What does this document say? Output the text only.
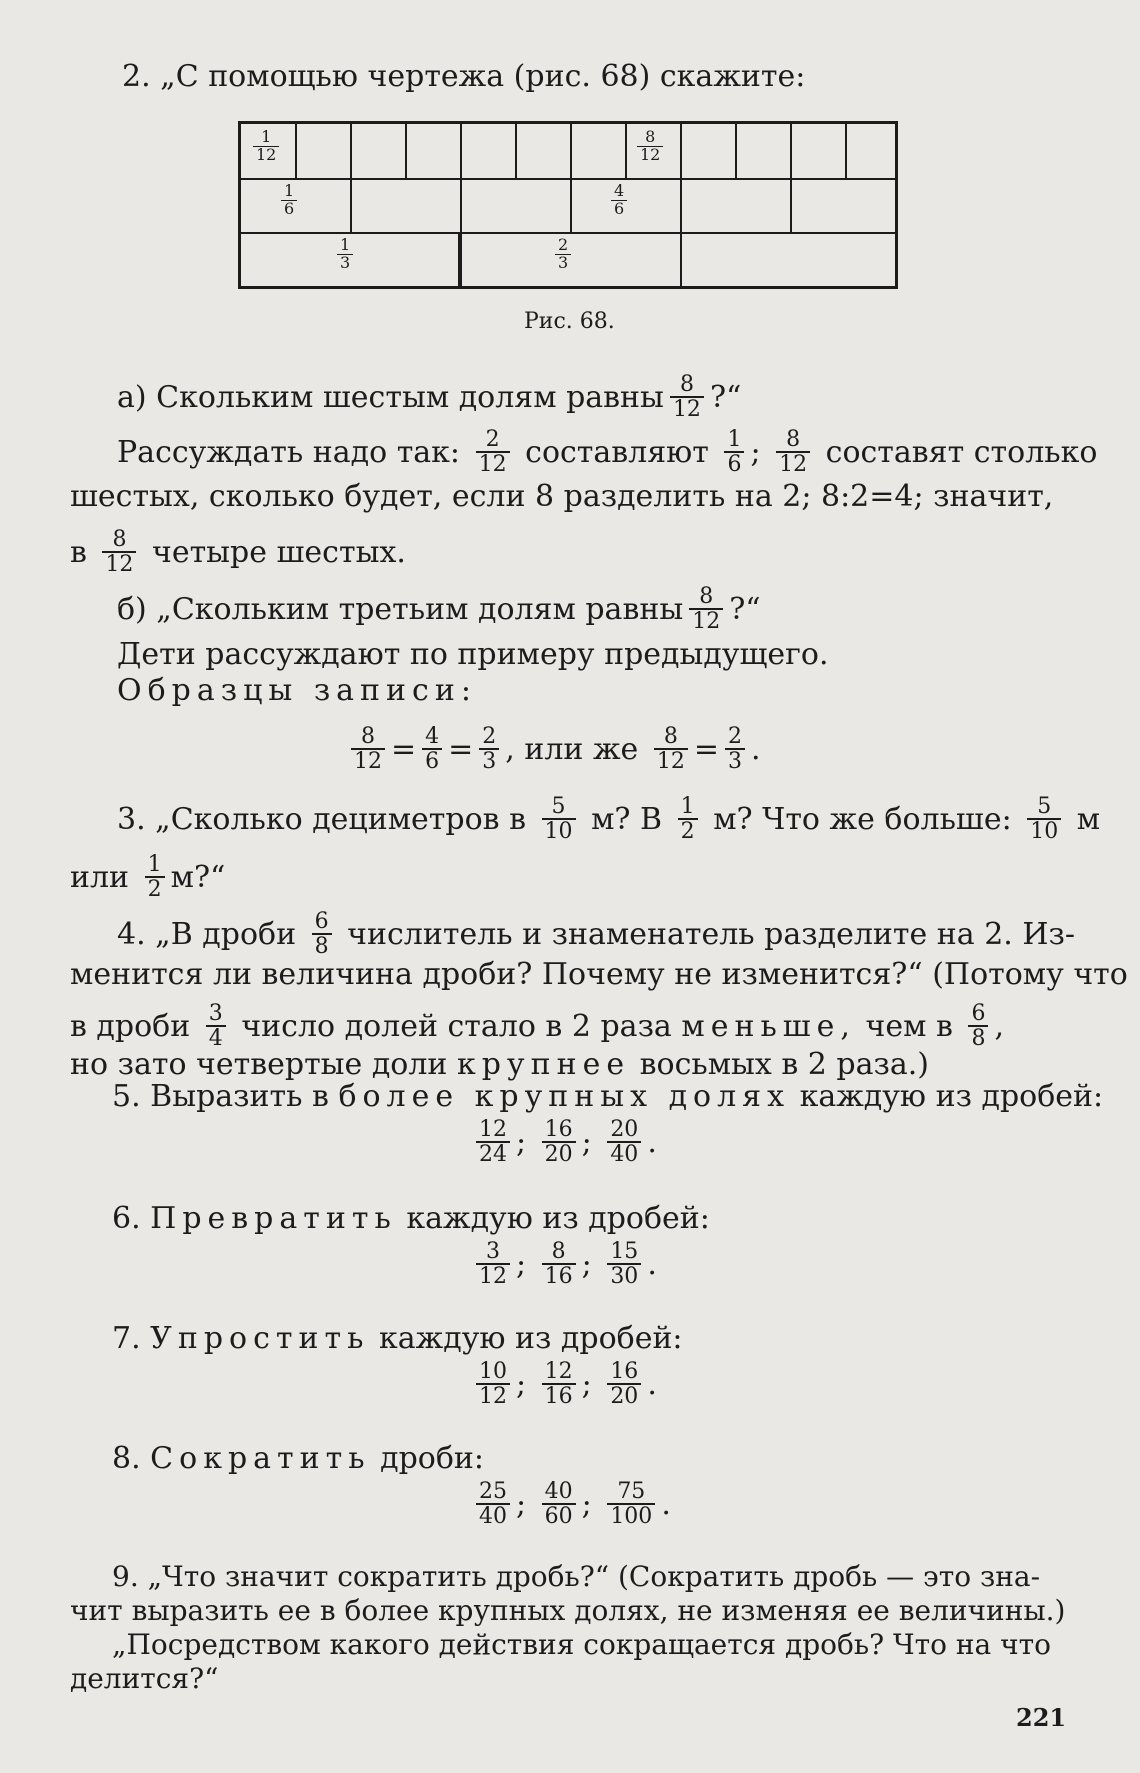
2. „С помощью чертежа (рис. 68) скажите:
$\frac{1}{12}$	$\frac{8}{12}$
$\frac{1}{6}$	$\frac{4}{6}$
$\frac{1}{3}$	$\frac{2}{3}$
Рис. 68.
а) Скольким шестым долям равны $\frac{8}{12}$ ?“
Рассуждать надо так: $\frac{2}{12}$ составляют $\frac{1}{6}$ ; $\frac{8}{12}$ составят столько
шестых, сколько будет, если 8 разделить на 2; 8:2=4; значит,
в $\frac{8}{12}$ четыре шестых.
б) „Скольким третьим долям равны $\frac{8}{12}$ ?“
Дети рассуждают по примеру предыдущего.
Образцы записи:
$\frac{8}{12} = \frac{4}{6} = \frac{2}{3}$ , или же $\frac{8}{12} = \frac{2}{3}$ .
3. „Сколько дециметров в $\frac{5}{10} м$? В $\frac{1}{2} м$? Что же больше: $\frac{5}{10}$ м
или $\frac{1}{2}$ м?“
4. „В дроби $\frac{6}{8}$ числитель и знаменатель разделите на 2. Из-
менится ли величина дроби? Почему не изменится?“ (Потому что
в дроби $\frac{3}{4}$ число долей стало в 2 раза меньше, чем в $\frac{6}{8}$ ,
но зато четвертые доли крупнее восьмых в 2 раза.)
5. Выразить в более крупных долях каждую из дробей:
$\frac{12}{24}$ ; $\frac{16}{20}$ ; $\frac{20}{40}$ .
6. Превратить каждую из дробей:
$\frac{3}{12}$ ; $\frac{8}{16}$ ; $\frac{15}{30}$ .
7. Упростить каждую из дробей:
$\frac{10}{12}$ ; $\frac{12}{16}$ ; $\frac{16}{20}$ .
8. Сократить дроби:
$\frac{25}{40}$ ; $\frac{40}{60}$ ; $\frac{75}{100}$ .
9. „Что значит сократить дробь?“ (Сократить дробь — это зна-
чит выразить ее в более крупных долях, не изменяя ее величины.)
„Посредством какого действия сокращается дробь? Что на что
делится?“
221
